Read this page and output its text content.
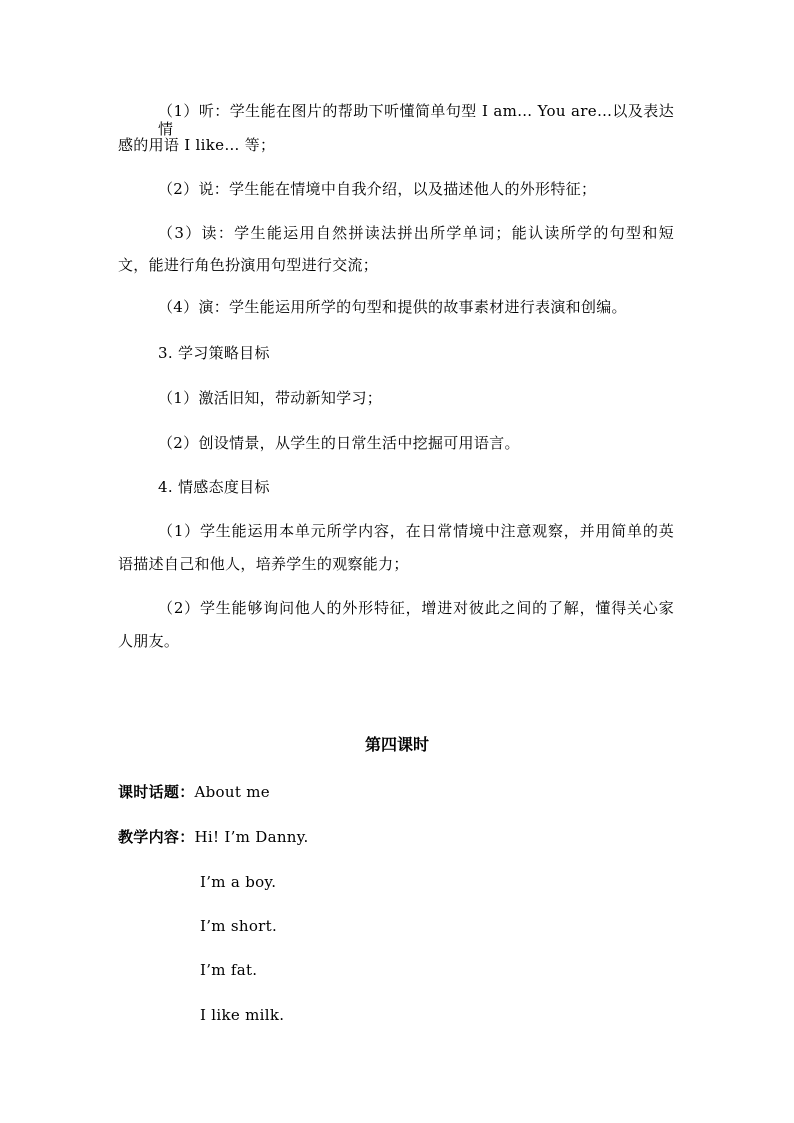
（1）听：学生能在图片的帮助下听懂简单句型 I am… You are…以及表达情
感的用语 I like… 等；
（2）说：学生能在情境中自我介绍，以及描述他人的外形特征；
（3）读：学生能运用自然拼读法拼出所学单词；能认读所学的句型和短
文，能进行角色扮演用句型进行交流；
（4）演：学生能运用所学的句型和提供的故事素材进行表演和创编。
3. 学习策略目标
（1）激活旧知，带动新知学习；
（2）创设情景，从学生的日常生活中挖掘可用语言。
4. 情感态度目标
（1）学生能运用本单元所学内容，在日常情境中注意观察，并用简单的英
语描述自己和他人，培养学生的观察能力；
（2）学生能够询问他人的外形特征，增进对彼此之间的了解，懂得关心家
人朋友。
第四课时
课时话题：About me
教学内容：Hi! I’m Danny.
I’m a boy.
I’m short.
I’m fat.
I like milk.
